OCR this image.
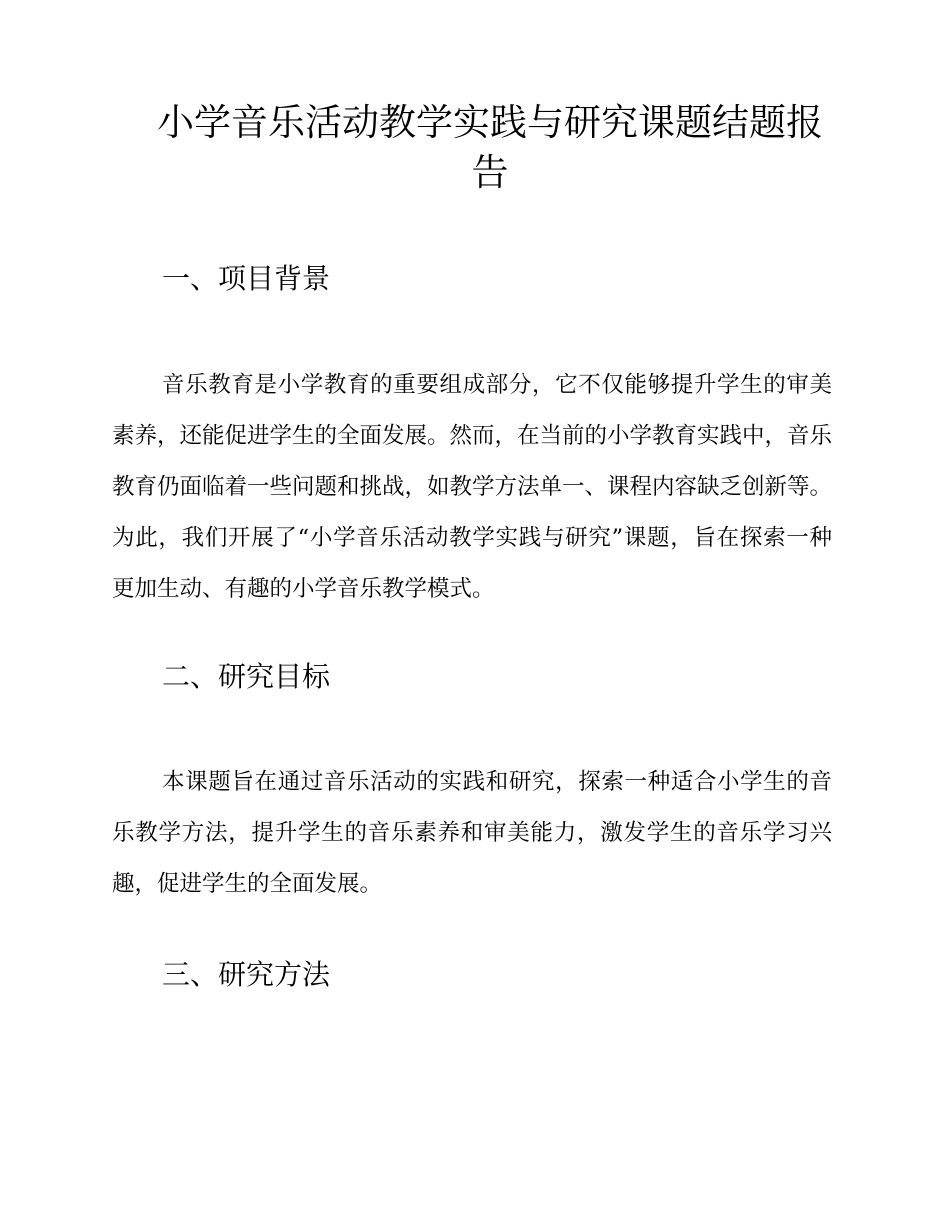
小学音乐活动教学实践与研究课题结题报告
一、项目背景

音乐教育是小学教育的重要组成部分，它不仅能够提升学生的审美素养，还能促进学生的全面发展。然而，在当前的小学教育实践中，音乐教育仍面临着一些问题和挑战，如教学方法单一、课程内容缺乏创新等。为此，我们开展了“小学音乐活动教学实践与研究”课题，旨在探索一种更加生动、有趣的小学音乐教学模式。

二、研究目标

本课题旨在通过音乐活动的实践和研究，探索一种适合小学生的音乐教学方法，提升学生的音乐素养和审美能力，激发学生的音乐学习兴趣，促进学生的全面发展。

三、研究方法
